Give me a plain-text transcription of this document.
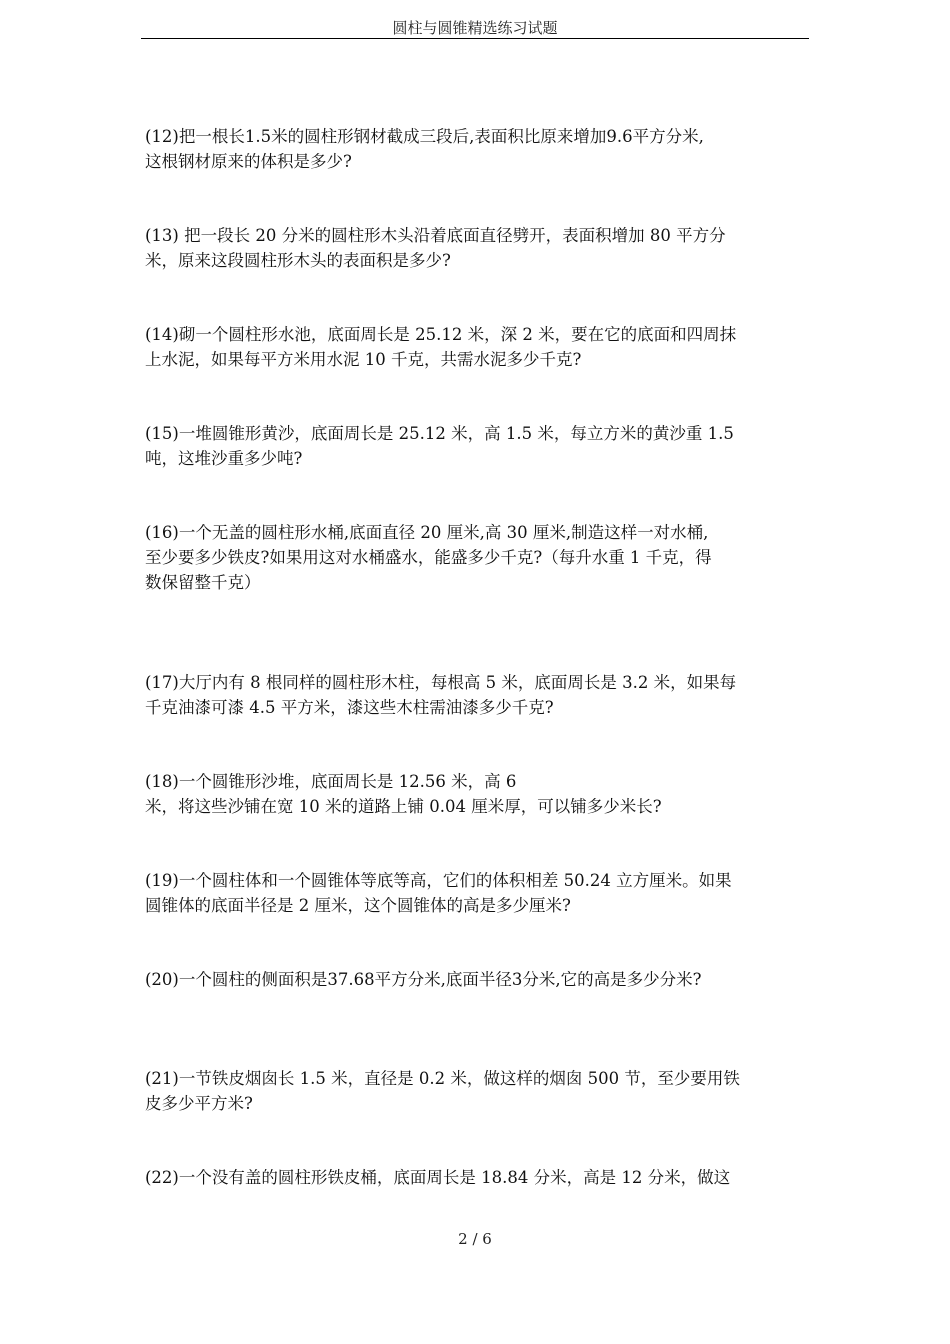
圆柱与圆锥精选练习试题
(12)把一根长1.5米的圆柱形钢材截成三段后,表面积比原来增加9.6平方分米,
这根钢材原来的体积是多少?
(13) 把一段长 20 分米的圆柱形木头沿着底面直径劈开，表面积增加 80 平方分
米，原来这段圆柱形木头的表面积是多少?
(14)砌一个圆柱形水池，底面周长是 25.12 米，深 2 米，要在它的底面和四周抹
上水泥，如果每平方米用水泥 10 千克，共需水泥多少千克?
(15)一堆圆锥形黄沙，底面周长是 25.12 米，高 1.5 米，每立方米的黄沙重 1.5
吨，这堆沙重多少吨?
(16)一个无盖的圆柱形水桶,底面直径 20 厘米,高 30 厘米,制造这样一对水桶,
至少要多少铁皮?如果用这对水桶盛水，能盛多少千克?（每升水重 1 千克，得
数保留整千克）
(17)大厅内有 8 根同样的圆柱形木柱，每根高 5 米，底面周长是 3.2 米，如果每
千克油漆可漆 4.5 平方米，漆这些木柱需油漆多少千克?
(18)一个圆锥形沙堆，底面周长是 12.56 米，高 6
米，将这些沙铺在宽 10 米的道路上铺 0.04 厘米厚，可以铺多少米长?
(19)一个圆柱体和一个圆锥体等底等高，它们的体积相差 50.24 立方厘米。如果
圆锥体的底面半径是 2 厘米，这个圆锥体的高是多少厘米?
(20)一个圆柱的侧面积是37.68平方分米,底面半径3分米,它的高是多少分米?
(21)一节铁皮烟囱长 1.5 米，直径是 0.2 米，做这样的烟囱 500 节，至少要用铁
皮多少平方米?
(22)一个没有盖的圆柱形铁皮桶，底面周长是 18.84 分米，高是 12 分米，做这
2 / 6
